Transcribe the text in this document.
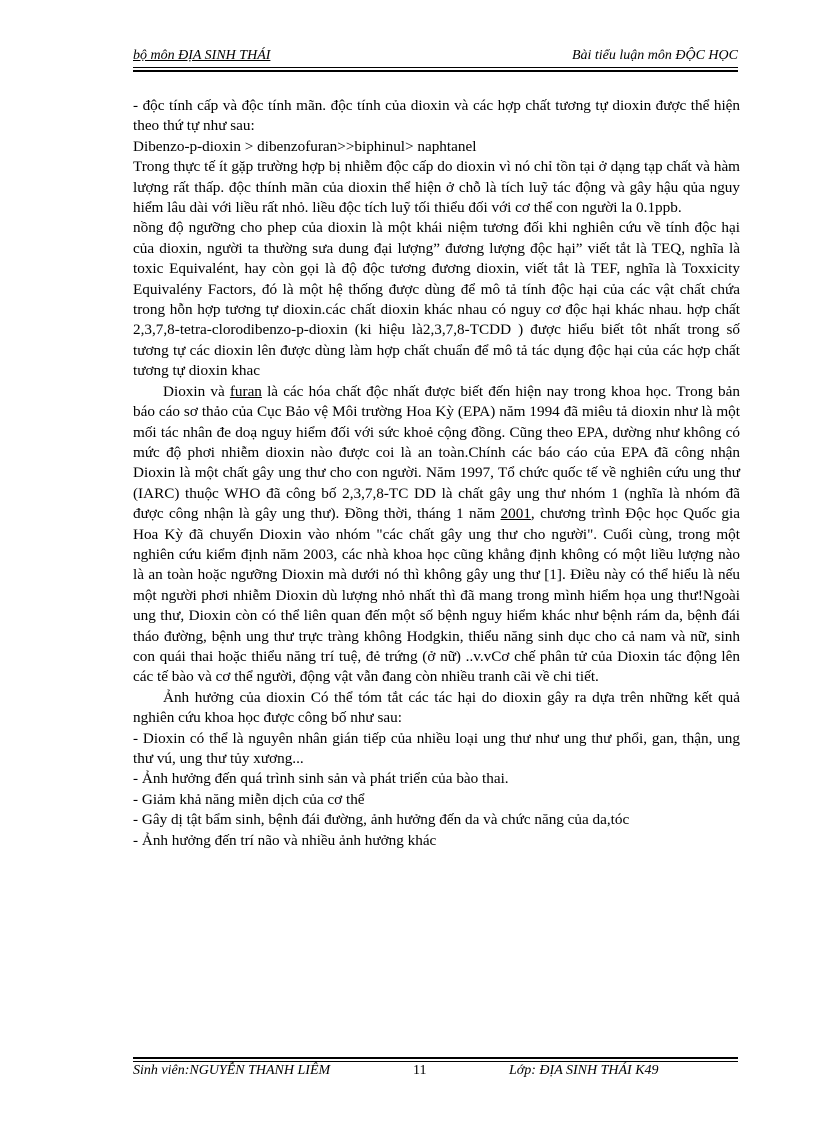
bộ môn ĐỊA SINH THÁI	Bài tiểu luận môn ĐỘC HỌC

- độc tính cấp và độc tính mãn. độc tính của dioxin và các hợp chất tương tự dioxin được thể hiện theo thứ tự như sau:

Dibenzo-p-dioxin > dibenzofuran>>biphinul> naphtanel

Trong thực tế ít gặp trường hợp bị nhiễm độc cấp do dioxin vì nó chỉ tồn tại ở dạng tạp chất và hàm lượng rất thấp. độc thính mãn của dioxin thể hiện ở chỗ là tích luỹ tác động và gây hậu qủa nguy hiểm lâu dài với liều rất nhỏ. liều độc tích luỹ tối thiểu đối với cơ thể con người la 0.1ppb.

nồng độ ngưỡng cho phep của dioxin là một khái niệm tương đối khi nghiên cứu về tính độc hại của dioxin, người ta thường sưa dung đại lượng” đương lượng độc hại” viết tắt là TEQ, nghĩa là toxic Equivalént, hay còn gọi là độ độc tương đương dioxin, viết tắt là TEF, nghĩa là Toxxicity Equivalény Factors, đó là một hệ thống được dùng để mô tả tính độc hại của các vật chất chứa trong hỗn hợp tương tự dioxin.các chất dioxin khác nhau có nguy cơ độc hại khác nhau. hợp chất 2,3,7,8-tetra-clorodibenzo-p-dioxin (ki hiệu là2,3,7,8-TCDD ) được hiểu biết tôt nhất trong số tương tự các dioxin lên được dùng làm hợp chất chuẩn để mô tả tác dụng độc hại của các hợp chất tương tự dioxin khac

Dioxin và furan là các hóa chất độc nhất được biết đến hiện nay trong khoa học. Trong bản báo cáo sơ thảo của Cục Bảo vệ Môi trường Hoa Kỳ (EPA) năm 1994 đã miêu tả dioxin như là một mối tác nhân đe doạ nguy hiểm đối với sức khoẻ cộng đồng. Cũng theo EPA, dường như không có mức độ phơi nhiễm dioxin nào được coi là an toàn.Chính các báo cáo của EPA đã công nhận Dioxin là một chất gây ung thư cho con người. Năm 1997, Tổ chức quốc tế về nghiên cứu ung thư (IARC) thuộc WHO đã công bố 2,3,7,8-TC DD là chất gây ung thư nhóm 1 (nghĩa là nhóm đã được công nhận là gây ung thư). Đồng thời, tháng 1 năm 2001, chương trình Độc học Quốc gia Hoa Kỳ đã chuyển Dioxin vào nhóm "các chất gây ung thư cho người". Cuối cùng, trong một nghiên cứu kiểm định năm 2003, các nhà khoa học cũng khẳng định không có một liều lượng nào là an toàn hoặc ngưỡng Dioxin mà dưới nó thì không gây ung thư [1]. Điều này có thể hiểu là nếu một người phơi nhiễm Dioxin dù lượng nhỏ nhất thì đã mang trong mình hiểm họa ung thư!Ngoài ung thư, Dioxin còn có thể liên quan đến một số bệnh nguy hiểm khác như bệnh rám da, bệnh đái tháo đường, bệnh ung thư trực tràng không Hodgkin, thiểu năng sinh dục cho cả nam và nữ, sinh con quái thai hoặc thiểu năng trí tuệ, đẻ trứng (ở nữ) ..v.vCơ chế phân tử của Dioxin tác động lên các tế bào và cơ thể người, động vật vẫn đang còn nhiều tranh cãi về chi tiết.

Ảnh hưởng của dioxin Có thể tóm tắt các tác hại do dioxin gây ra dựa trên những kết quả nghiên cứu khoa học được công bố như sau:

- Dioxin có thể là nguyên nhân gián tiếp của nhiều loại ung thư như ung thư phổi, gan, thận, ung thư vú, ung thư tủy xương...

- Ảnh hưởng đến quá trình sinh sản và phát triển của bào thai.

- Giảm khả năng miễn dịch của cơ thể

- Gây dị tật bẩm sinh, bệnh đái đường, ảnh hưởng đến da và chức năng của da,tóc

- Ảnh hưởng đến trí não và nhiều ảnh hưởng khác

Sinh viên:NGUYỄN THANH LIÊM	11	Lớp: ĐỊA SINH THÁI K49
